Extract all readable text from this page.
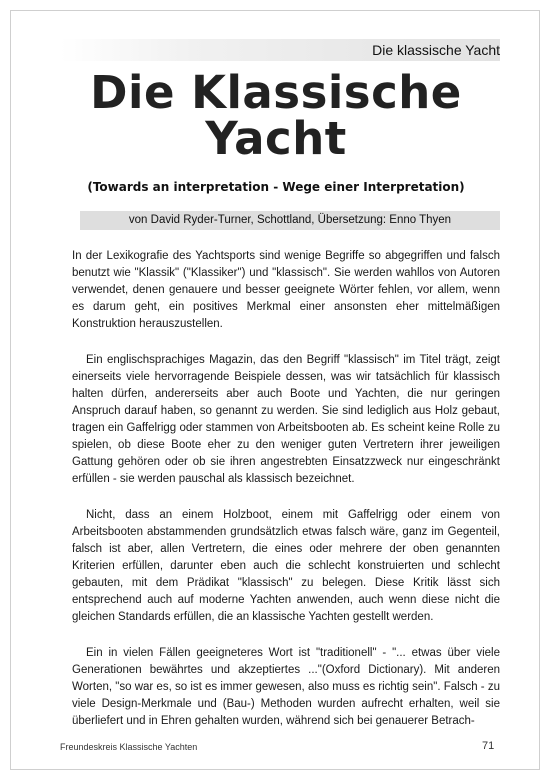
Die klassische Yacht
Die Klassische Yacht
(Towards an interpretation - Wege einer Interpretation)
von David Ryder-Turner, Schottland, Übersetzung: Enno Thyen

In der Lexikografie des Yachtsports sind wenige Begriffe so abgegriffen und falsch benutzt wie "Klassik" ("Klassiker") und "klassisch". Sie werden wahllos von Autoren verwendet, denen genauere und besser geeignete Wörter fehlen, vor allem, wenn es darum geht, ein positives Merkmal einer ansonsten eher mittelmäßigen Konstruktion herauszustellen.

Ein englischsprachiges Magazin, das den Begriff "klassisch" im Titel trägt, zeigt einerseits viele hervorragende Beispiele dessen, was wir tatsächlich für klassisch halten dürfen, andererseits aber auch Boote und Yachten, die nur geringen Anspruch darauf haben, so genannt zu werden. Sie sind lediglich aus Holz gebaut, tragen ein Gaffelrigg oder stammen von Arbeitsbooten ab. Es scheint keine Rolle zu spielen, ob diese Boote eher zu den weniger guten Vertretern ihrer jeweiligen Gattung gehören oder ob sie ihren angestrebten Einsatzzweck nur eingeschränkt erfüllen - sie werden pauschal als klassisch bezeichnet.

Nicht, dass an einem Holzboot, einem mit Gaffelrigg oder einem von Arbeitsbooten abstammenden grundsätzlich etwas falsch wäre, ganz im Gegenteil, falsch ist aber, allen Vertretern, die eines oder mehrere der oben genannten Kriterien erfüllen, darunter eben auch die schlecht konstruierten und schlecht gebauten, mit dem Prädikat "klassisch" zu belegen. Diese Kritik lässt sich entsprechend auch auf moderne Yachten anwenden, auch wenn diese nicht die gleichen Standards erfüllen, die an klassische Yachten gestellt werden.

Ein in vielen Fällen geeigneteres Wort ist "traditionell" - "... etwas über viele Generationen bewährtes und akzeptiertes ..."(Oxford Dictionary). Mit anderen Worten, "so war es, so ist es immer gewesen, also muss es richtig sein". Falsch - zu viele Design-Merkmale und (Bau-) Methoden wurden aufrecht erhalten, weil sie überliefert und in Ehren gehalten wurden, während sich bei genauerer Betrach-

Freundeskreis Klassische Yachten	71
